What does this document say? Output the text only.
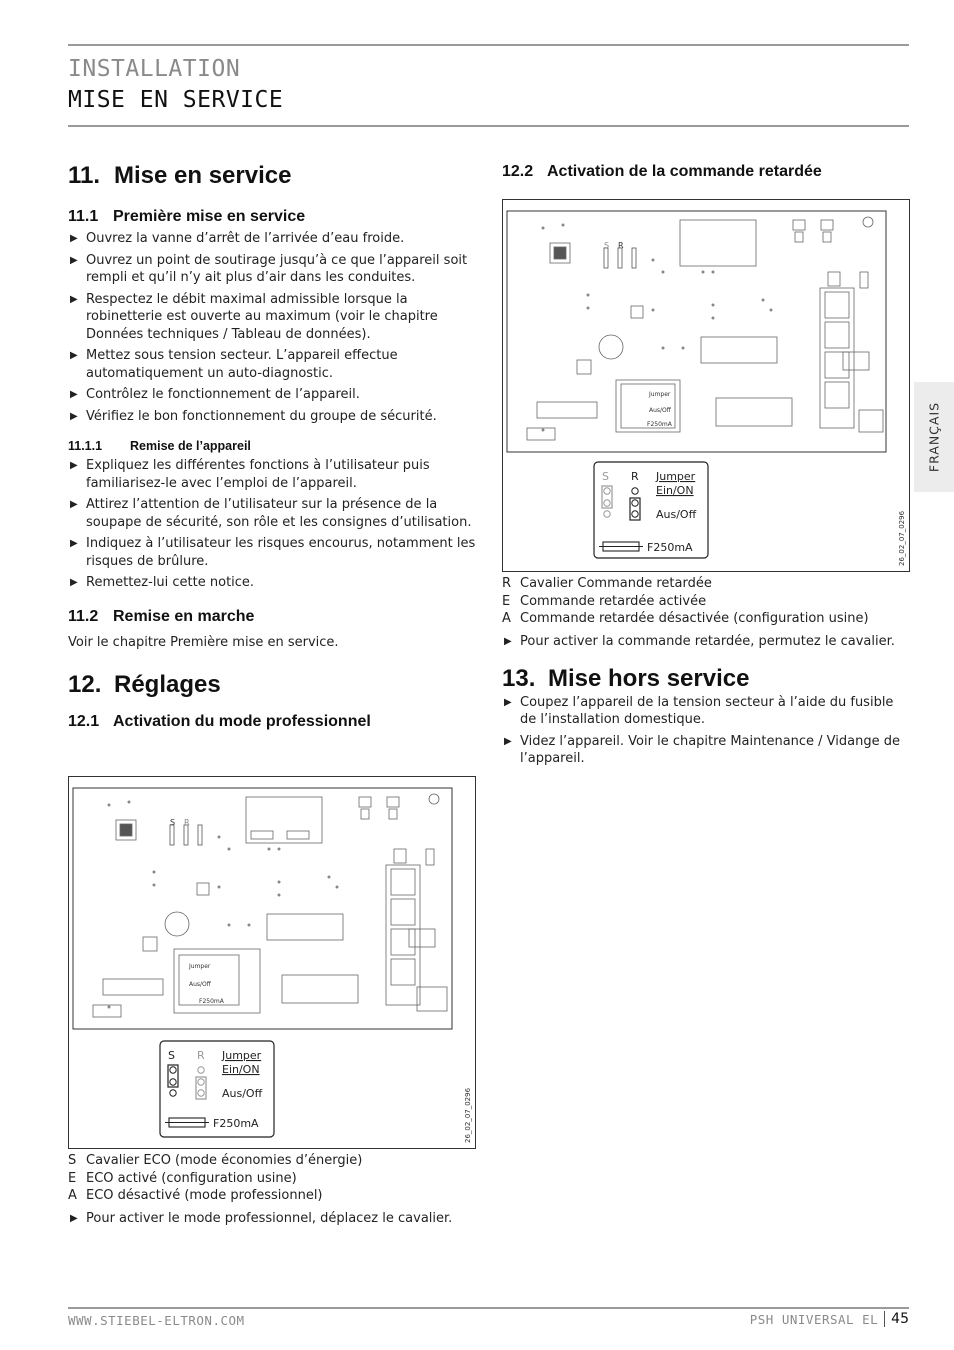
INSTALLATION
MISE EN SERVICE
FRANÇAIS
11. Mise en service
11.1 Première mise en service
▶ Ouvrez la vanne d’arrêt de l’arrivée d’eau froide.
▶ Ouvrez un point de soutirage jusqu’à ce que l’appareil soit rempli et qu’il n’y ait plus d’air dans les conduites.
▶ Respectez le débit maximal admissible lorsque la robinetterie est ouverte au maximum (voir le chapitre Données techniques / Tableau de données).
▶ Mettez sous tension secteur. L’appareil effectue automatiquement un auto-diagnostic.
▶ Contrôlez le fonctionnement de l’appareil.
▶ Vérifiez le bon fonctionnement du groupe de sécurité.
11.1.1 Remise de l’appareil
▶ Expliquez les différentes fonctions à l’utilisateur puis familiarisez-le avec l’emploi de l’appareil.
▶ Attirez l’attention de l’utilisateur sur la présence de la soupape de sécurité, son rôle et les consignes d’utilisation.
▶ Indiquez à l’utilisateur les risques encourus, notamment les risques de brûlure.
▶ Remettez-lui cette notice.
11.2 Remise en marche

Voir le chapitre Première mise en service.

12. Réglages
12.1 Activation du mode professionnel
S R
Jumper
Aus/Off
F250mA
S R Jumper
Ein/ON
Aus/Off
F250mA	26_02_07_0296
S Cavalier ECO (mode économies d’énergie)
E ECO activé (configuration usine)
A ECO désactivé (mode professionnel)
▶ Pour activer le mode professionnel, déplacez le cavalier.
12.2 Activation de la commande retardée
S R
Jumper
Aus/Off
F250mA
S R Jumper
Ein/ON
Aus/Off
F250mA	26_02_07_0296
R Cavalier Commande retardée
E Commande retardée activée
A Commande retardée désactivée (configuration usine)
▶ Pour activer la commande retardée, permutez le cavalier.
13. Mise hors service
▶ Coupez l’appareil de la tension secteur à l’aide du fusible de l’installation domestique.
▶ Videz l’appareil. Voir le chapitre Maintenance / Vidange de l’appareil.
WWW.STIEBEL-ELTRON.COM	PSH UNIVERSAL EL 45
